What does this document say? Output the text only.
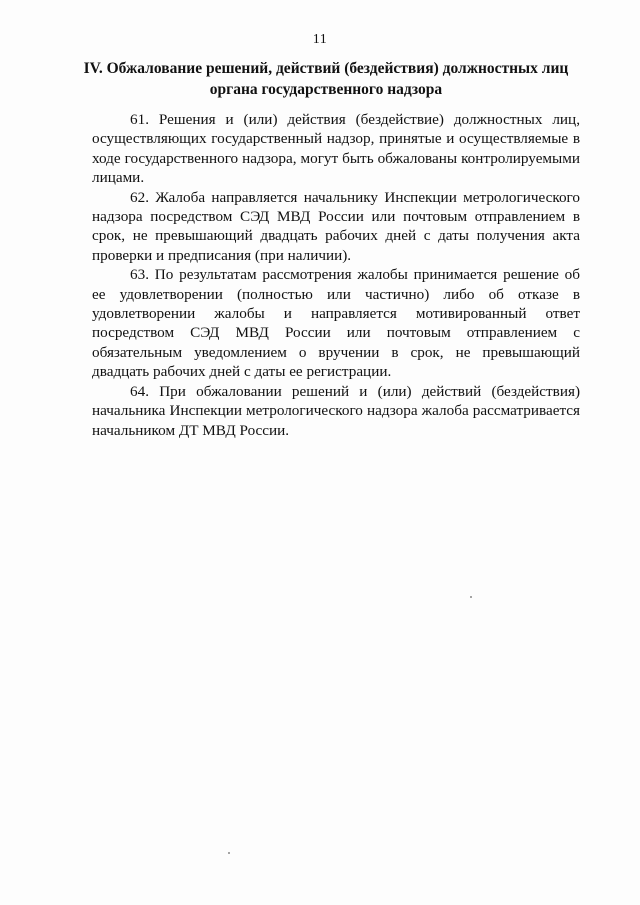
11
IV. Обжалование решений, действий (бездействия) должностных лиц
органа государственного надзора

61. Решения и (или) действия (бездействие) должностных лиц, осуществляющих государственный надзор, принятые и осуществляемые в ходе государственного надзора, могут быть обжалованы контролируемыми лицами.

62. Жалоба направляется начальнику Инспекции метрологического надзора посредством СЭД МВД России или почтовым отправлением в срок, не превышающий двадцать рабочих дней с даты получения акта проверки и предписания (при наличии).

63. По результатам рассмотрения жалобы принимается решение об ее удовлетворении (полностью или частично) либо об отказе в удовлетворении жалобы и направляется мотивированный ответ посредством СЭД МВД России или почтовым отправлением с обязательным уведомлением о вручении в срок, не превышающий двадцать рабочих дней с даты ее регистрации.

64. При обжаловании решений и (или) действий (бездействия) начальника Инспекции метрологического надзора жалоба рассматривается начальником ДТ МВД России.
